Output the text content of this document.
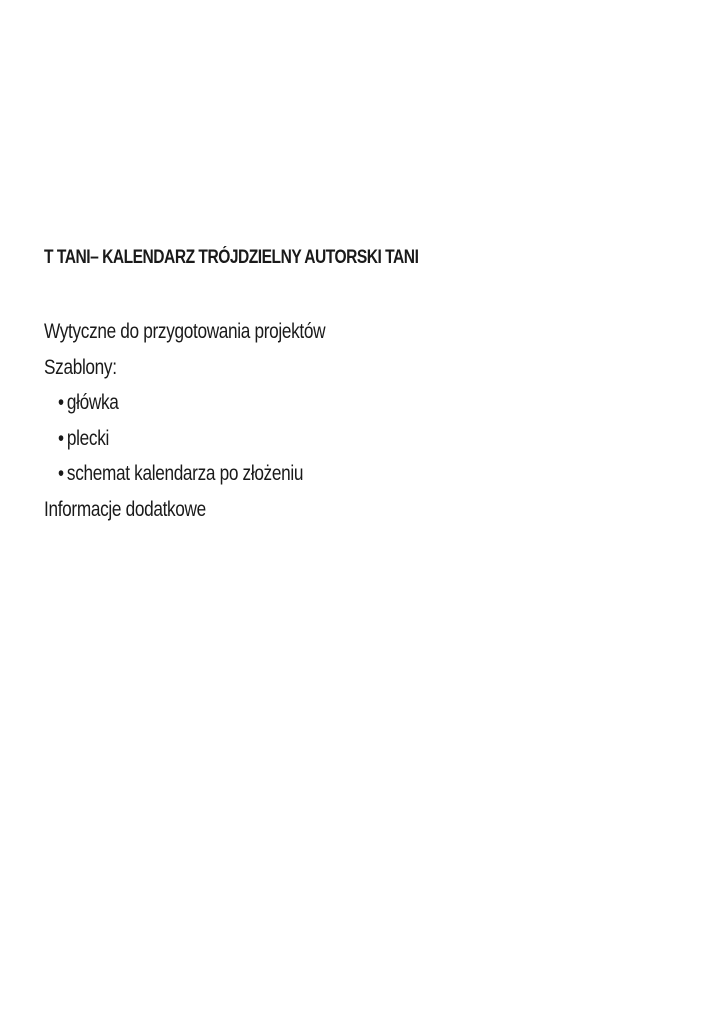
T TANI– KALENDARZ TRÓJDZIELNY AUTORSKI TANI
Wytyczne do przygotowania projektów
Szablony:
• główka
• plecki
• schemat kalendarza po złożeniu
Informacje dodatkowe
